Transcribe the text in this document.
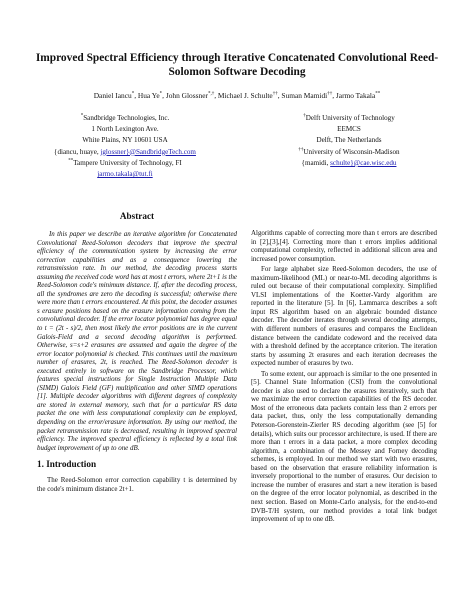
Improved Spectral Efficiency through Iterative Concatenated Convolutional Reed-Solomon Software Decoding
Daniel Iancu*, Hua Ye*, John Glossner*,†, Michael J. Schulte††, Suman Mamidi††, Jarmo Takala**
*Sandbridge Technologies, Inc.
1 North Lexington Ave.
White Plains, NY 10601 USA
{diancu, huaye, jglossner}@SandbridgeTech.com
**Tampere University of Technology, FI
jarmo.takala@tut.fi
†Delft University of Technology
EEMCS
Delft, The Netherlands
††University of Wisconsin-Madison
{mamidi, schulte}@cae.wisc.edu
Abstract
In this paper we describe an iterative algorithm for Concatenated Convolutional Reed-Solomon decoders that improve the spectral efficiency of the communication system by increasing the error correction capabilities and as a consequence lowering the retransmission rate. In our method, the decoding process starts assuming the received code word has at most t errors, where 2t+1 is the Reed-Solomon code's minimum distance. If, after the decoding process, all the syndromes are zero the decoding is successful; otherwise there were more than t errors encountered. At this point, the decoder assumes s erasure positions based on the erasure information coming from the convolutional decoder. If the error locator polynomial has degree equal to t = (2t - s)/2, then most likely the error positions are in the current Galois-Field and a second decoding algorithm is performed. Otherwise, s=s+2 erasures are assumed and again the degree of the error locator polynomial is checked. This continues until the maximum number of erasures, 2t, is reached. The Reed-Solomon decoder is executed entirely in software on the Sandbridge Processor, which features special instructions for Single Instruction Multiple Data (SIMD) Galois Field (GF) multiplication and other SIMD operations [1]. Multiple decoder algorithms with different degrees of complexity are stored in external memory, such that for a particular RS data packet the one with less computational complexity can be employed, depending on the error/erasure information. By using our method, the packet retransmission rate is decreased, resulting in improved spectral efficiency. The improved spectral efficiency is reflected by a total link budget improvement of up to one dB.
1. Introduction

The Reed-Solomon error correction capability t is determined by the code's minimum distance 2t+1.

Algorithms capable of correcting more than t errors are described in [2],[3],[4]. Correcting more than t errors implies additional computational complexity, reflected in additional silicon area and increased power consumption.

For large alphabet size Reed-Solomon decoders, the use of maximum-likelihood (ML) or near-to-ML decoding algorithms is ruled out because of their computational complexity. Simplified VLSI implementations of the Koetter-Vardy algorithm are reported in the literature [5]. In [6], Lammarca describes a soft input RS algorithm based on an algebraic bounded distance decoder. The decoder iterates through several decoding attempts, with different numbers of erasures and compares the Euclidean distance between the candidate codeword and the received data with a threshold defined by the acceptance criterion. The iteration starts by assuming 2t erasures and each iteration decreases the expected number of erasures by two.

To some extent, our approach is similar to the one presented in [5]. Channel State Information (CSI) from the convolutional decoder is also used to declare the erasures iteratively, such that we maximize the error correction capabilities of the RS decoder. Most of the erroneous data packets contain less than 2 errors per data packet, thus, only the less computationally demanding Peterson-Gorenstein-Zierler RS decoding algorithm (see [5] for details), which suits our processor architecture, is used. If there are more than t errors in a data packet, a more complex decoding algorithm, a combination of the Messey and Forney decoding schemes, is employed. In our method we start with two erasures, based on the observation that erasure reliability information is inversely proportional to the number of erasures. Our decision to increase the number of erasures and start a new iteration is based on the degree of the error locator polynomial, as described in the next section. Based on Monte-Carlo analysis, for the end-to-end DVB-T/H system, our method provides a total link budget improvement of up to one dB.
